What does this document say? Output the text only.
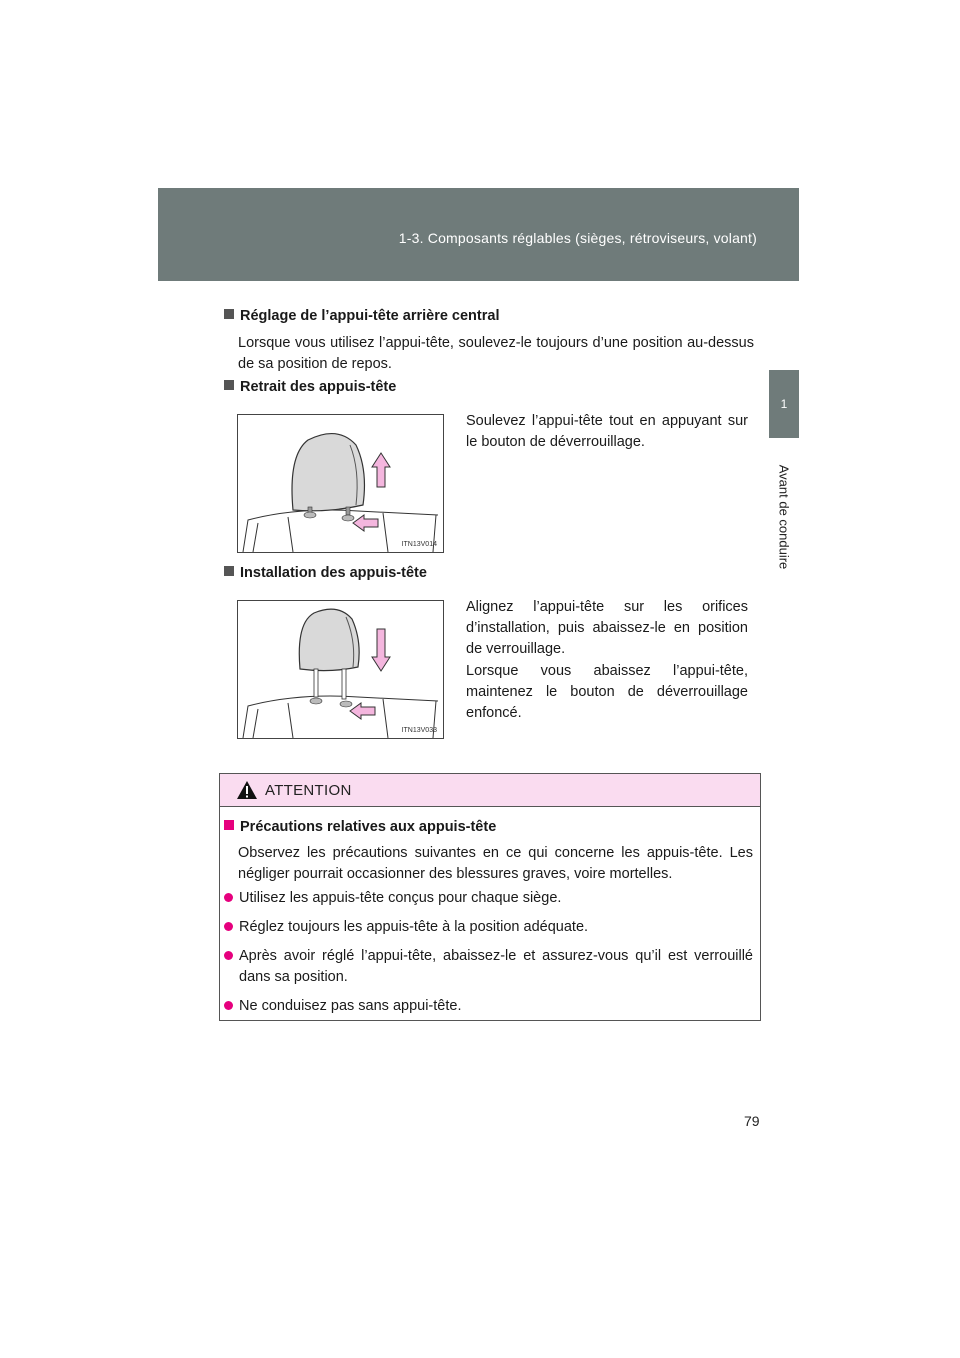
1-3. Composants réglables (sièges, rétroviseurs, volant)
1
Avant de conduire
Réglage de l’appui-tête arrière central
Lorsque vous utilisez l’appui-tête, soulevez-le toujours d’une position au-dessus de sa position de repos.
Retrait des appuis-tête
ITN13V014
Soulevez l’appui-tête tout en appuyant sur le bouton de déverrouillage.
Installation des appuis-tête
ITN13V033
Alignez l’appui-tête sur les orifices d’installation, puis abaissez-le en position de verrouillage.
Lorsque vous abaissez l’appui-tête, maintenez le bouton de déverrouillage enfoncé.
ATTENTION
Précautions relatives aux appuis-tête
Observez les précautions suivantes en ce qui concerne les appuis-tête. Les négliger pourrait occasionner des blessures graves, voire mortelles.
Utilisez les appuis-tête conçus pour chaque siège.
Réglez toujours les appuis-tête à la position adéquate.
Après avoir réglé l’appui-tête, abaissez-le et assurez-vous qu’il est verrouillé dans sa position.
Ne conduisez pas sans appui-tête.
79
